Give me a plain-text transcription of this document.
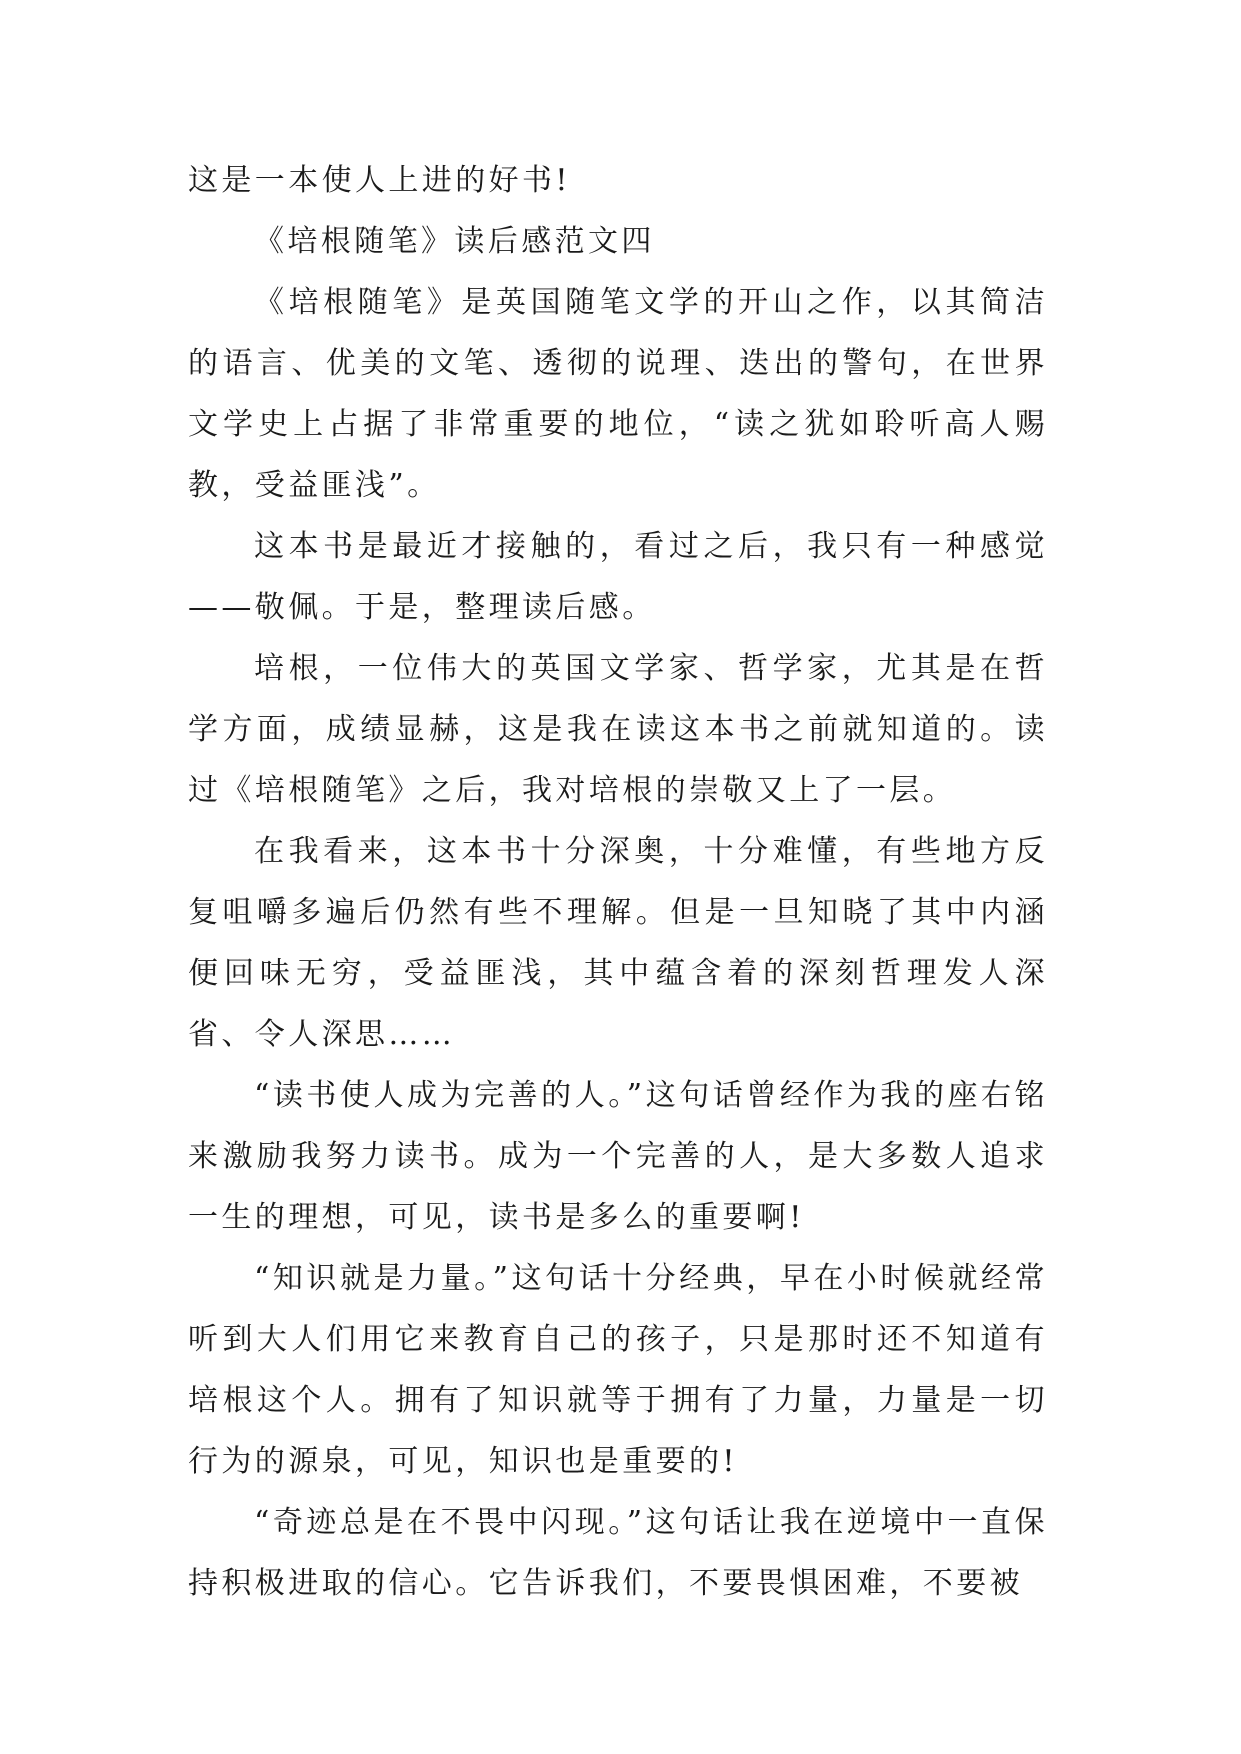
这是一本使人上进的好书!

《培根随笔》读后感范文四

《培根随笔》是英国随笔文学的开山之作，以其简洁的语言、优美的文笔、透彻的说理、迭出的警句，在世界文学史上占据了非常重要的地位，“读之犹如聆听高人赐教，受益匪浅”。

这本书是最近才接触的，看过之后，我只有一种感觉——敬佩。于是，整理读后感。

培根，一位伟大的英国文学家、哲学家，尤其是在哲学方面，成绩显赫，这是我在读这本书之前就知道的。读过《培根随笔》之后，我对培根的崇敬又上了一层。

在我看来，这本书十分深奥，十分难懂，有些地方反复咀嚼多遍后仍然有些不理解。但是一旦知晓了其中内涵便回味无穷，受益匪浅，其中蕴含着的深刻哲理发人深省、令人深思……

“读书使人成为完善的人。”这句话曾经作为我的座右铭来激励我努力读书。成为一个完善的人，是大多数人追求一生的理想，可见，读书是多么的重要啊!

“知识就是力量。”这句话十分经典，早在小时候就经常听到大人们用它来教育自己的孩子，只是那时还不知道有培根这个人。拥有了知识就等于拥有了力量，力量是一切行为的源泉，可见，知识也是重要的!

“奇迹总是在不畏中闪现。”这句话让我在逆境中一直保持积极进取的信心。它告诉我们，不要畏惧困难，不要被
